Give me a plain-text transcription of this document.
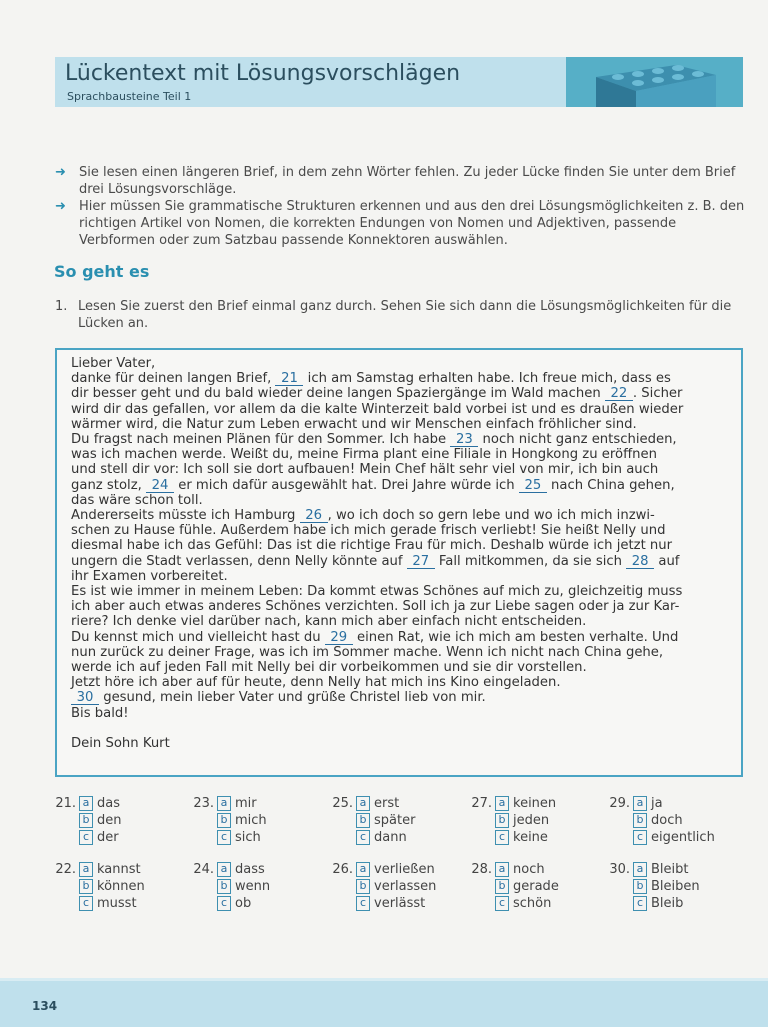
Lückentext mit Lösungsvorschlägen
Sprachbausteine Teil 1
➜	Sie lesen einen längeren Brief, in dem zehn Wörter fehlen. Zu jeder Lücke finden Sie unter dem Brief drei Lösungsvorschläge.
➜	Hier müssen Sie grammatische Strukturen erkennen und aus den drei Lösungsmöglichkeiten z. B. den richtigen Artikel von Nomen, die korrekten Endungen von Nomen und Adjektiven, passende Verbformen oder zum Satzbau passende Konnektoren auswählen.
So geht es
1. Lesen Sie zuerst den Brief einmal ganz durch. Sehen Sie sich dann die Lösungsmöglichkeiten für die Lücken an.

Lieber Vater,

danke für deinen langen Brief, 21 ich am Samstag erhalten habe. Ich freue mich, dass es

dir besser geht und du bald wieder deine langen Spaziergänge im Wald machen 22 . Sicher

wird dir das gefallen, vor allem da die kalte Winterzeit bald vorbei ist und es draußen wieder

wärmer wird, die Natur zum Leben erwacht und wir Menschen einfach fröhlicher sind.

Du fragst nach meinen Plänen für den Sommer. Ich habe 23 noch nicht ganz entschieden,

was ich machen werde. Weißt du, meine Firma plant eine Filiale in Hongkong zu eröffnen

und stell dir vor: Ich soll sie dort aufbauen! Mein Chef hält sehr viel von mir, ich bin auch

ganz stolz, 24 er mich dafür ausgewählt hat. Drei Jahre würde ich 25 nach China gehen,

das wäre schon toll.

Andererseits müsste ich Hamburg 26 , wo ich doch so gern lebe und wo ich mich inzwi-

schen zu Hause fühle. Außerdem habe ich mich gerade frisch verliebt! Sie heißt Nelly und

diesmal habe ich das Gefühl: Das ist die richtige Frau für mich. Deshalb würde ich jetzt nur

ungern die Stadt verlassen, denn Nelly könnte auf 27 Fall mitkommen, da sie sich 28 auf

ihr Examen vorbereitet.

Es ist wie immer in meinem Leben: Da kommt etwas Schönes auf mich zu, gleichzeitig muss

ich aber auch etwas anderes Schönes verzichten. Soll ich ja zur Liebe sagen oder ja zur Kar-

riere? Ich denke viel darüber nach, kann mich aber einfach nicht entscheiden.

Du kennst mich und vielleicht hast du 29 einen Rat, wie ich mich am besten verhalte. Und

nun zurück zu deiner Frage, was ich im Sommer mache. Wenn ich nicht nach China gehe,

werde ich auf jeden Fall mit Nelly bei dir vorbeikommen und sie dir vorstellen.

Jetzt höre ich aber auf für heute, denn Nelly hat mich ins Kino eingeladen.

30 gesund, mein lieber Vater und grüße Christel lieb von mir.

Bis bald!

Dein Sohn Kurt

21. a das
b den
c der
23. a mir
b mich
c sich
25. a erst
b später
c dann
27. a keinen
b jeden
c keine
29. a ja
b doch
c eigentlich
22. a kannst
b können
c musst
24. a dass
b wenn
c ob
26. a verließen
b verlassen
c verlässt
28. a noch
b gerade
c schön
30. a Bleibt
b Bleiben
c Bleib
134
